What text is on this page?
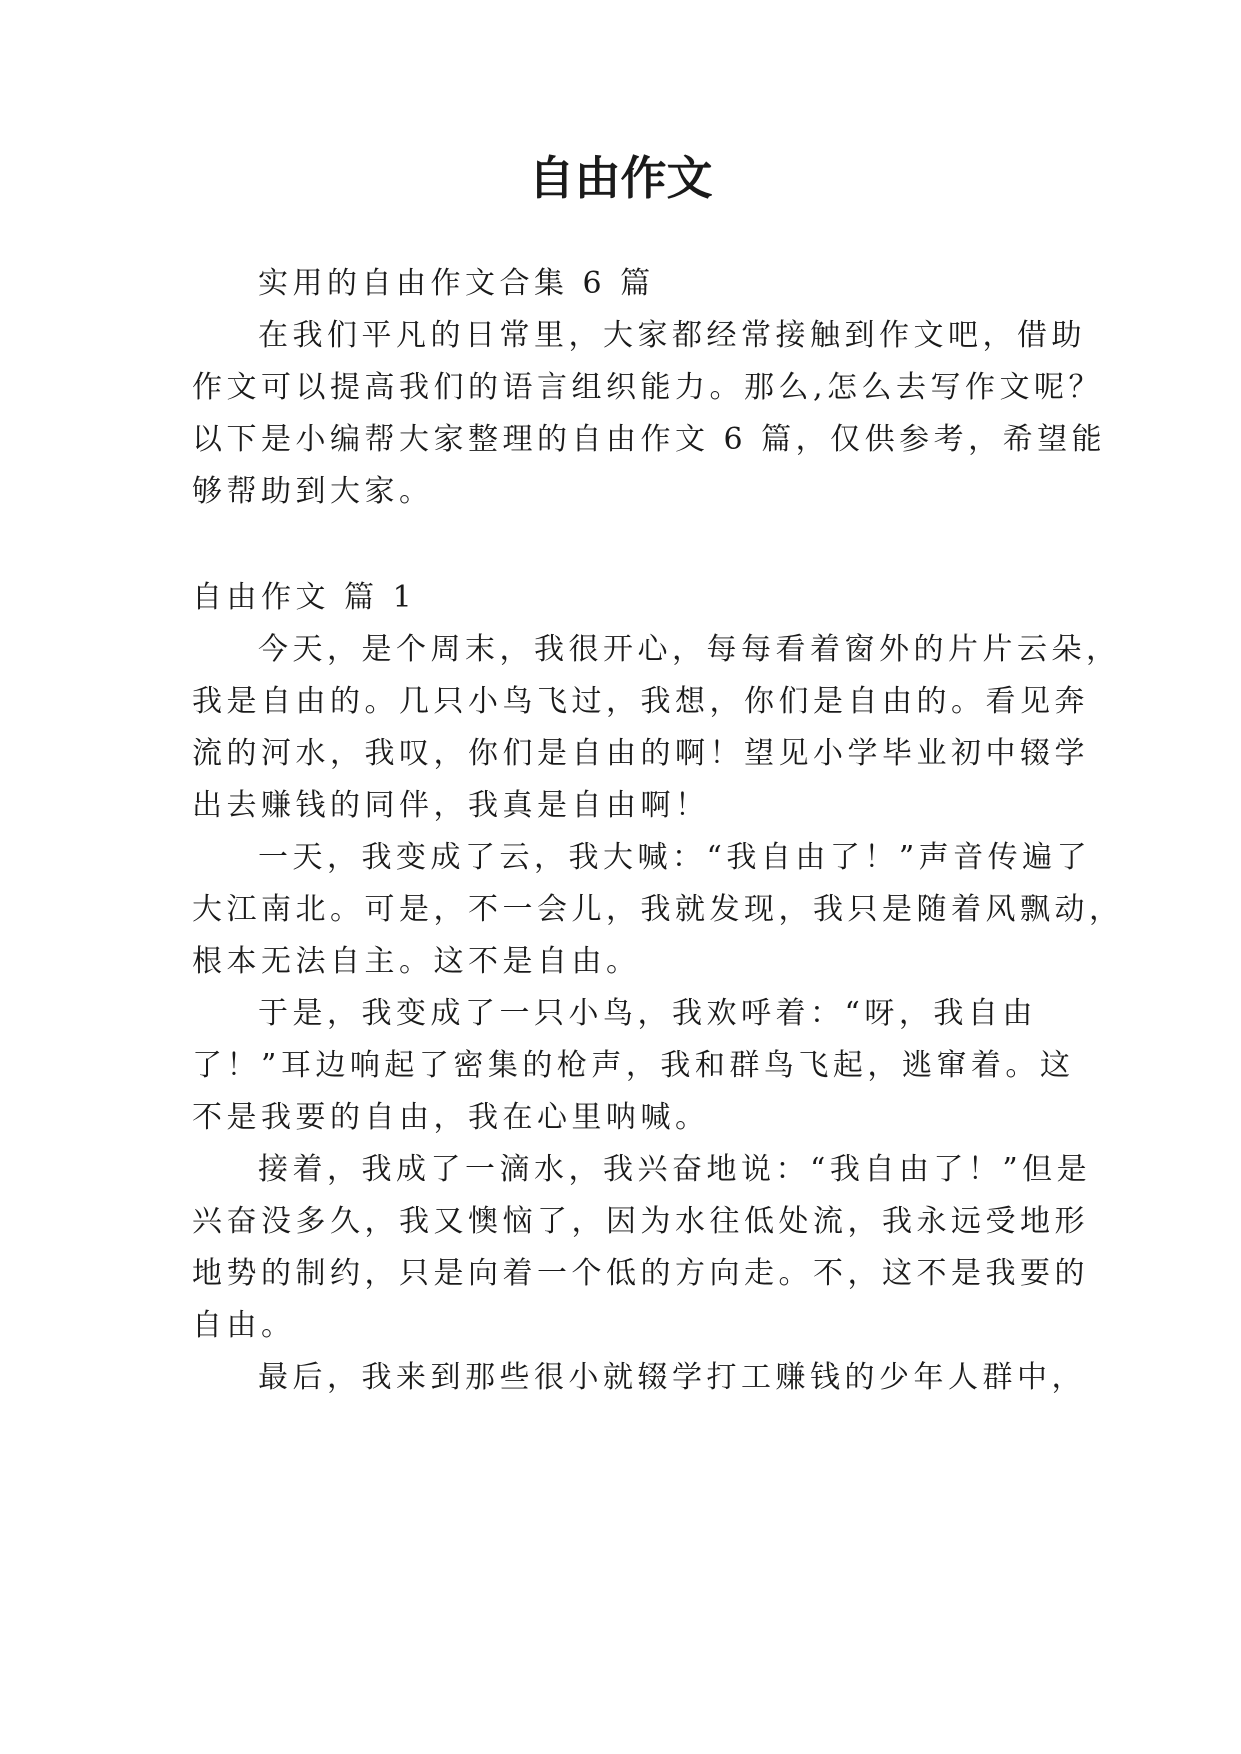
自由作文
实用的自由作文合集 6 篇
在我们平凡的日常里，大家都经常接触到作文吧，借助
作文可以提高我们的语言组织能力。那么,怎么去写作文呢？
以下是小编帮大家整理的自由作文 6 篇，仅供参考，希望能
够帮助到大家。
自由作文 篇 1
今天，是个周末，我很开心，每每看着窗外的片片云朵，
我是自由的。几只小鸟飞过，我想，你们是自由的。看见奔
流的河水，我叹，你们是自由的啊！望见小学毕业初中辍学
出去赚钱的同伴，我真是自由啊！
一天，我变成了云，我大喊：“我自由了！”声音传遍了
大江南北。可是，不一会儿，我就发现，我只是随着风飘动，
根本无法自主。这不是自由。
于是，我变成了一只小鸟，我欢呼着：“呀，我自由
了！”耳边响起了密集的枪声，我和群鸟飞起，逃窜着。这
不是我要的自由，我在心里呐喊。
接着，我成了一滴水，我兴奋地说：“我自由了！”但是
兴奋没多久，我又懊恼了，因为水往低处流，我永远受地形
地势的制约，只是向着一个低的方向走。不，这不是我要的
自由。
最后，我来到那些很小就辍学打工赚钱的少年人群中，
